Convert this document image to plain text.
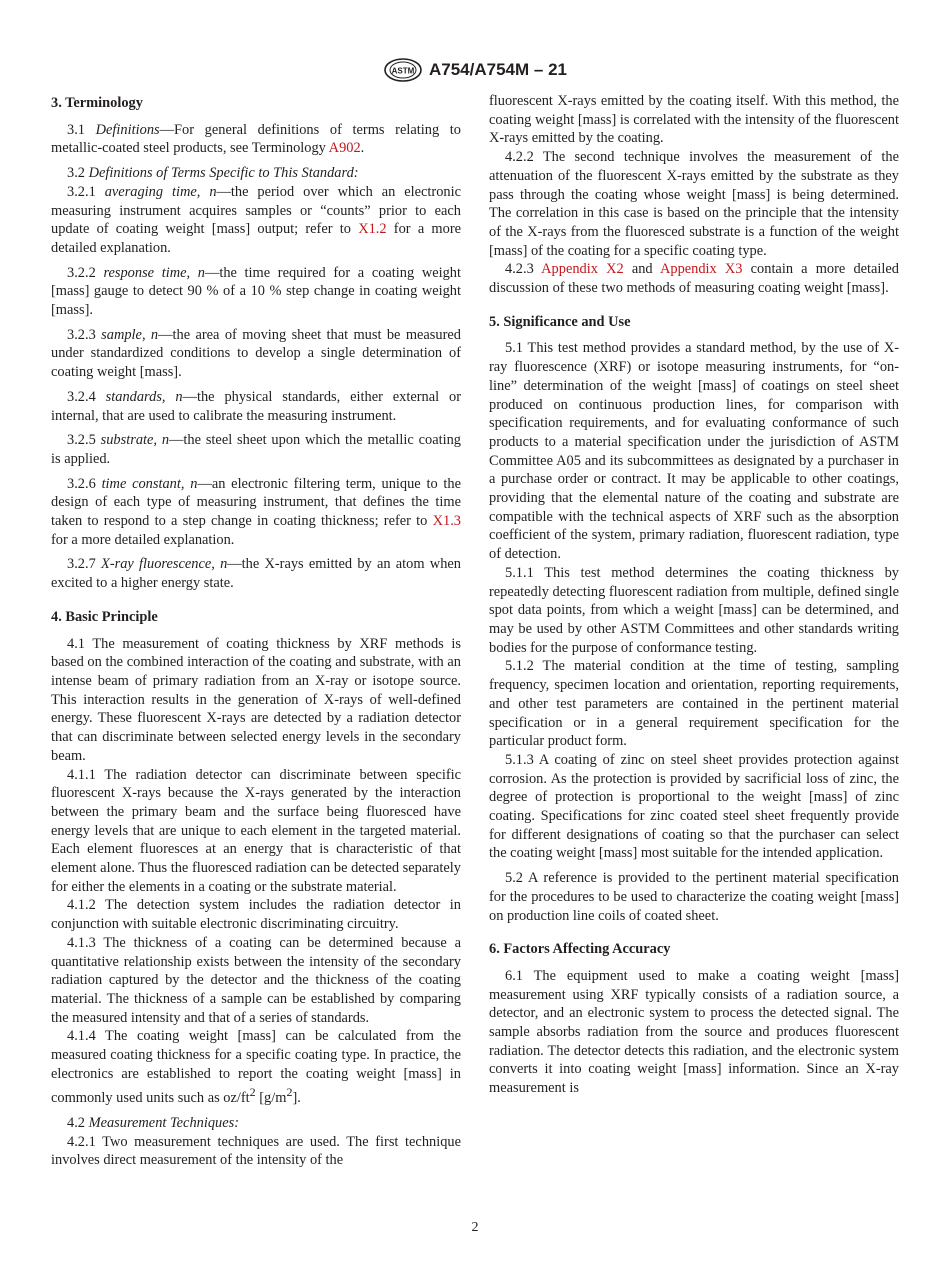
ASTM A754/A754M – 21
3. Terminology

3.1 Definitions—For general definitions of terms relating to metallic-coated steel products, see Terminology A902.

3.2 Definitions of Terms Specific to This Standard:

3.2.1 averaging time, n—the period over which an electronic measuring instrument acquires samples or “counts” prior to each update of coating weight [mass] output; refer to X1.2 for a more detailed explanation.

3.2.2 response time, n—the time required for a coating weight [mass] gauge to detect 90 % of a 10 % step change in coating weight [mass].

3.2.3 sample, n—the area of moving sheet that must be measured under standardized conditions to develop a single determination of coating weight [mass].

3.2.4 standards, n—the physical standards, either external or internal, that are used to calibrate the measuring instrument.

3.2.5 substrate, n—the steel sheet upon which the metallic coating is applied.

3.2.6 time constant, n—an electronic filtering term, unique to the design of each type of measuring instrument, that defines the time taken to respond to a step change in coating thickness; refer to X1.3 for a more detailed explanation.

3.2.7 X-ray fluorescence, n—the X-rays emitted by an atom when excited to a higher energy state.

4. Basic Principle

4.1 The measurement of coating thickness by XRF methods is based on the combined interaction of the coating and substrate, with an intense beam of primary radiation from an X-ray or isotope source. This interaction results in the generation of X-rays of well-defined energy. These fluorescent X-rays are detected by a radiation detector that can discriminate between selected energy levels in the secondary beam.

4.1.1 The radiation detector can discriminate between specific fluorescent X-rays because the X-rays generated by the interaction between the primary beam and the surface being fluoresced have energy levels that are unique to each element in the targeted material. Each element fluoresces at an energy that is characteristic of that element alone. Thus the fluoresced radiation can be detected separately for either the elements in a coating or the substrate material.

4.1.2 The detection system includes the radiation detector in conjunction with suitable electronic discriminating circuitry.

4.1.3 The thickness of a coating can be determined because a quantitative relationship exists between the intensity of the secondary radiation captured by the detector and the thickness of the coating material. The thickness of a sample can be established by comparing the measured intensity and that of a series of standards.

4.1.4 The coating weight [mass] can be calculated from the measured coating thickness for a specific coating type. In practice, the electronics are established to report the coating weight [mass] in commonly used units such as $oz/ft^2$ $[g/m^2]$.

4.2 Measurement Techniques:

4.2.1 Two measurement techniques are used. The first technique involves direct measurement of the intensity of the

fluorescent X-rays emitted by the coating itself. With this method, the coating weight [mass] is correlated with the intensity of the fluorescent X-rays emitted by the coating.

4.2.2 The second technique involves the measurement of the attenuation of the fluorescent X-rays emitted by the substrate as they pass through the coating whose weight [mass] is being determined. The correlation in this case is based on the principle that the intensity of the X-rays from the fluoresced substrate is a function of the weight [mass] of the coating for a specific coating type.

4.2.3 Appendix X2 and Appendix X3 contain a more detailed discussion of these two methods of measuring coating weight [mass].

5. Significance and Use

5.1 This test method provides a standard method, by the use of X-ray fluorescence (XRF) or isotope measuring instruments, for “on-line” determination of the weight [mass] of coatings on steel sheet produced on continuous production lines, for comparison with specification requirements, and for evaluating conformance of such products to a material specification under the jurisdiction of ASTM Committee A05 and its subcommittees as designated by a purchaser in a purchase order or contract. It may be applicable to other coatings, providing that the elemental nature of the coating and substrate are compatible with the technical aspects of XRF such as the absorption coefficient of the system, primary radiation, fluorescent radiation, type of detection.

5.1.1 This test method determines the coating thickness by repeatedly detecting fluorescent radiation from multiple, defined single spot data points, from which a weight [mass] can be determined, and may be used by other ASTM Committees and other standards writing bodies for the purpose of conformance testing.

5.1.2 The material condition at the time of testing, sampling frequency, specimen location and orientation, reporting requirements, and other test parameters are contained in the pertinent material specification or in a general requirement specification for the particular product form.

5.1.3 A coating of zinc on steel sheet provides protection against corrosion. As the protection is provided by sacrificial loss of zinc, the degree of protection is proportional to the weight [mass] of zinc coating. Specifications for zinc coated steel sheet frequently provide for different designations of coating so that the purchaser can select the coating weight [mass] most suitable for the intended application.

5.2 A reference is provided to the pertinent material specification for the procedures to be used to characterize the coating weight [mass] on production line coils of coated sheet.

6. Factors Affecting Accuracy

6.1 The equipment used to make a coating weight [mass] measurement using XRF typically consists of a radiation source, a detector, and an electronic system to process the detected signal. The sample absorbs radiation from the source and produces fluorescent radiation. The detector detects this radiation, and the electronic system converts it into coating weight [mass] information. Since an X-ray measurement is

2
